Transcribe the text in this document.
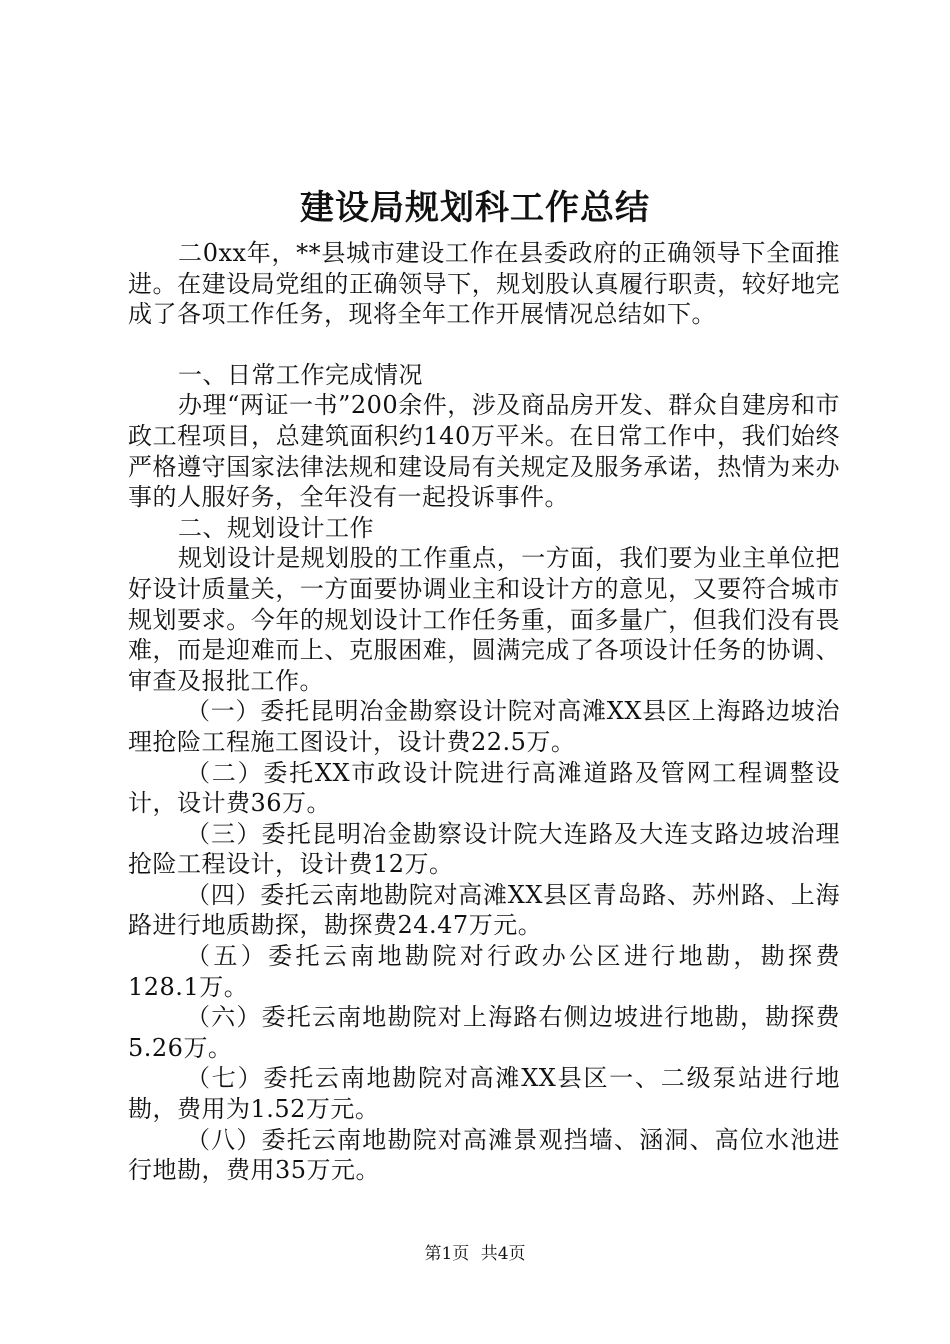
建设局规划科工作总结

二0xx年，**县城市建设工作在县委政府的正确领导下全面推进。在建设局党组的正确领导下，规划股认真履行职责，较好地完成了各项工作任务，现将全年工作开展情况总结如下。

一、日常工作完成情况

办理“两证一书”200余件，涉及商品房开发、群众自建房和市政工程项目，总建筑面积约140万平米。在日常工作中，我们始终严格遵守国家法律法规和建设局有关规定及服务承诺，热情为来办事的人服好务，全年没有一起投诉事件。

二、规划设计工作

规划设计是规划股的工作重点，一方面，我们要为业主单位把好设计质量关，一方面要协调业主和设计方的意见，又要符合城市规划要求。今年的规划设计工作任务重，面多量广，但我们没有畏难，而是迎难而上、克服困难，圆满完成了各项设计任务的协调、审查及报批工作。

（一）委托昆明冶金勘察设计院对高滩XX县区上海路边坡治理抢险工程施工图设计，设计费22.5万。

（二）委托XX市政设计院进行高滩道路及管网工程调整设计，设计费36万。

（三）委托昆明冶金勘察设计院大连路及大连支路边坡治理抢险工程设计，设计费12万。

（四）委托云南地勘院对高滩XX县区青岛路、苏州路、上海路进行地质勘探，勘探费24.47万元。

（五）委托云南地勘院对行政办公区进行地勘，勘探费128.1万。

（六）委托云南地勘院对上海路右侧边坡进行地勘，勘探费5.26万。

（七）委托云南地勘院对高滩XX县区一、二级泵站进行地勘，费用为1.52万元。

（八）委托云南地勘院对高滩景观挡墙、涵洞、高位水池进行地勘，费用35万元。

第1页 共4页
